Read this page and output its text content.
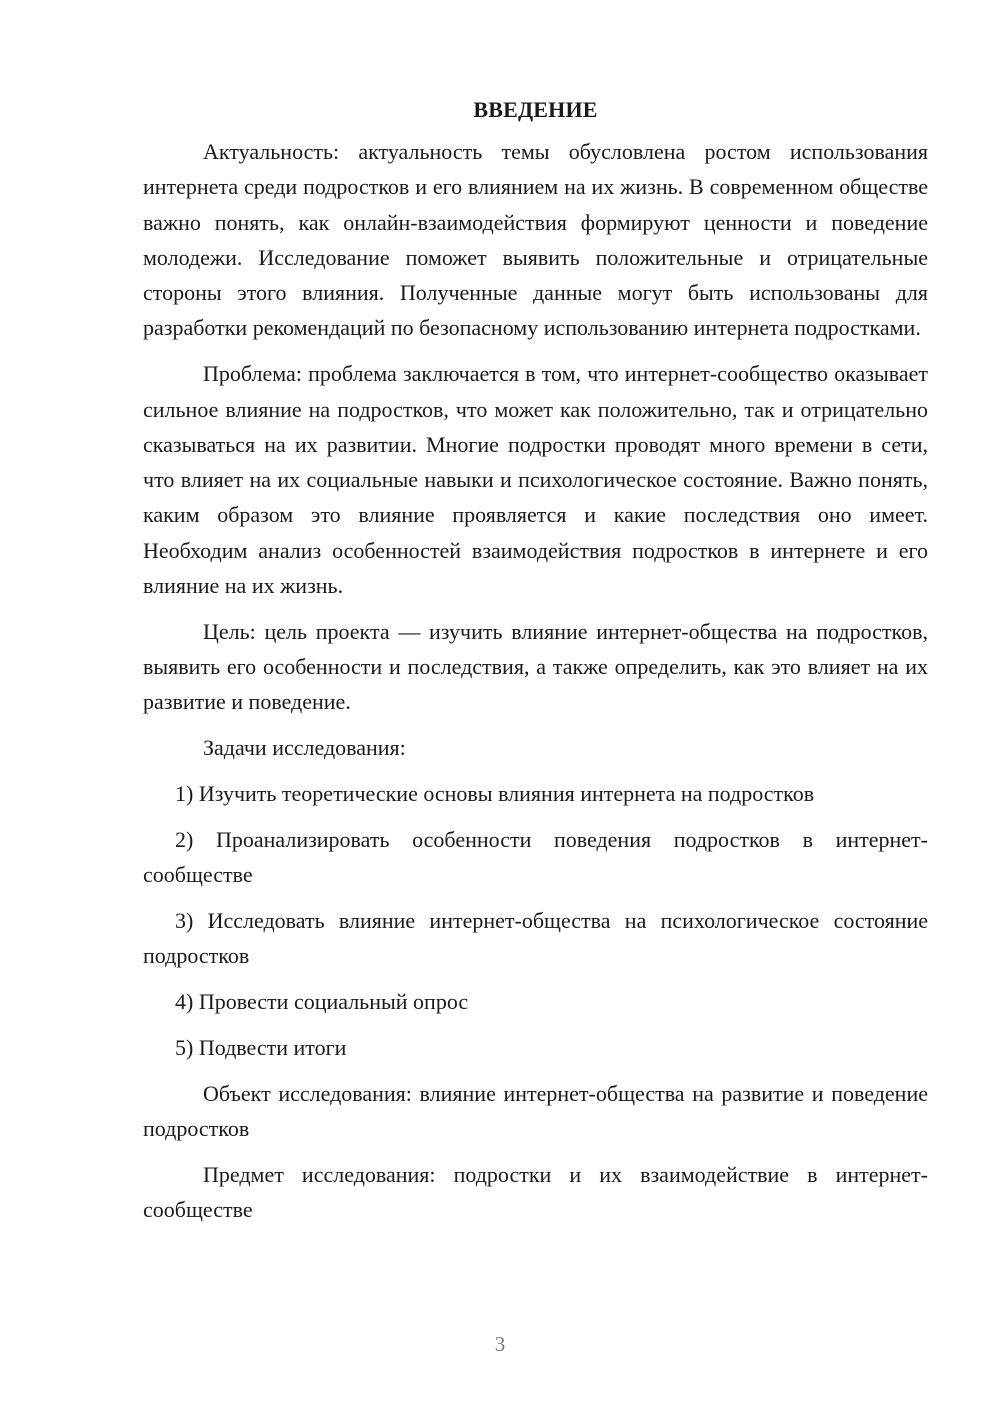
ВВЕДЕНИЕ

Актуальность: актуальность темы обусловлена ростом использования интернета среди подростков и его влиянием на их жизнь. В современном обществе важно понять, как онлайн-взаимодействия формируют ценности и поведение молодежи. Исследование поможет выявить положительные и отрицательные стороны этого влияния. Полученные данные могут быть использованы для разработки рекомендаций по безопасному использованию интернета подростками.

Проблема: проблема заключается в том, что интернет-сообщество оказывает сильное влияние на подростков, что может как положительно, так и отрицательно сказываться на их развитии. Многие подростки проводят много времени в сети, что влияет на их социальные навыки и психологическое состояние. Важно понять, каким образом это влияние проявляется и какие последствия оно имеет. Необходим анализ особенностей взаимодействия подростков в интернете и его влияние на их жизнь.

Цель: цель проекта — изучить влияние интернет-общества на подростков, выявить его особенности и последствия, а также определить, как это влияет на их развитие и поведение.

Задачи исследования:

1) Изучить теоретические основы влияния интернета на подростков

2) Проанализировать особенности поведения подростков в интернет-сообществе

3) Исследовать влияние интернет-общества на психологическое состояние подростков

4) Провести социальный опрос

5) Подвести итоги

Объект исследования: влияние интернет-общества на развитие и поведение подростков

Предмет исследования: подростки и их взаимодействие в интернет-сообществе

3
